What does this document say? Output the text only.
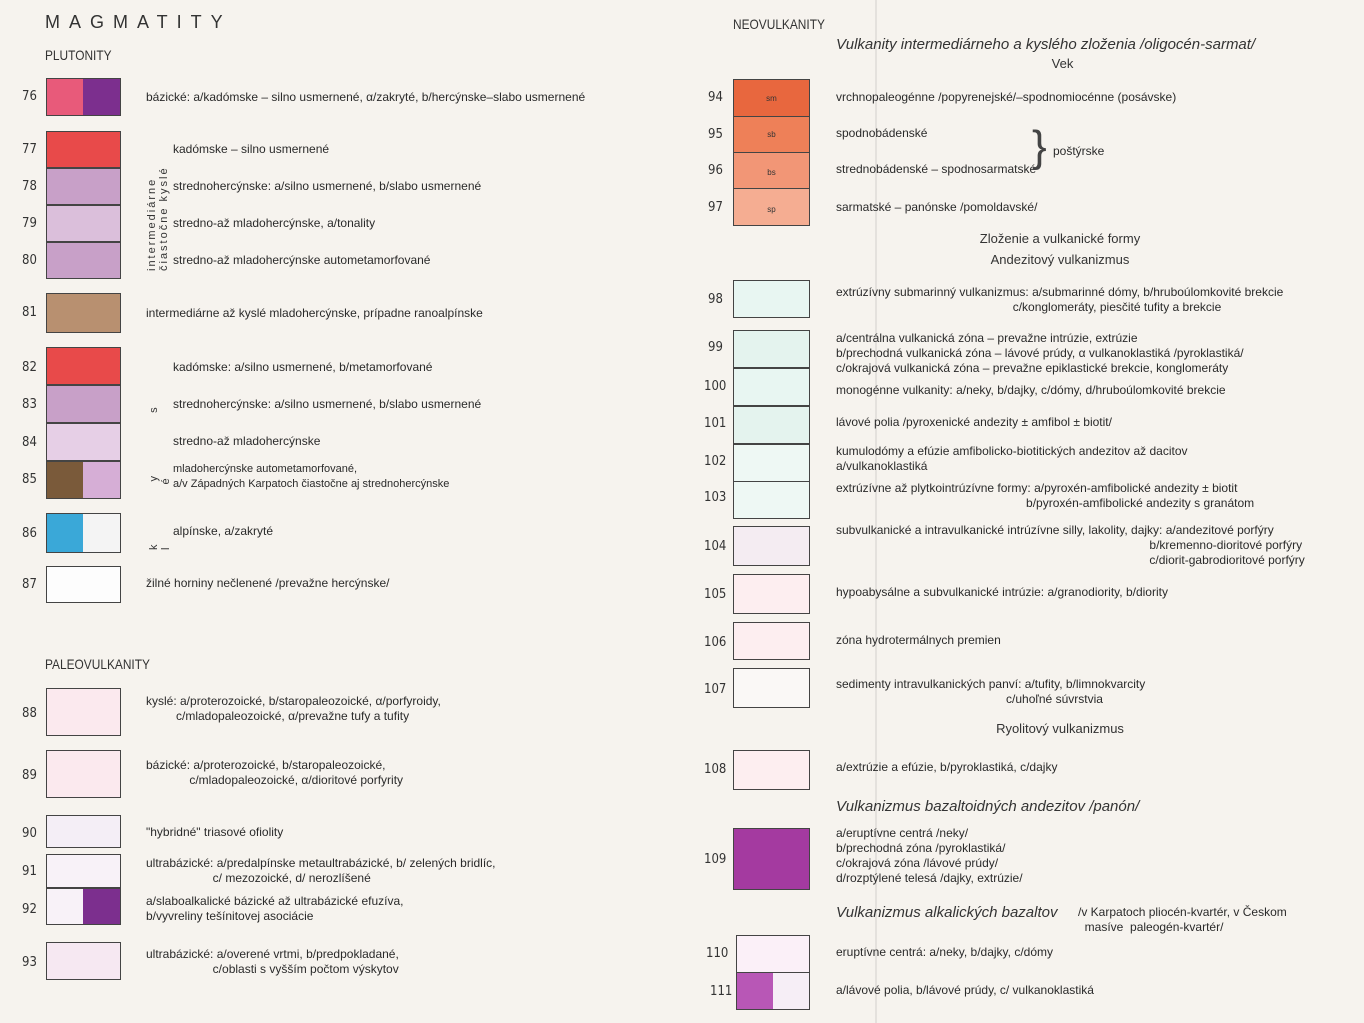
MAGMATITY
PLUTONITY
76
77
78
79
80
81
82
83
84
85
86
87
88
89
90
91
92
93
intermediárne čiastočne kyslé
k y s l é
bázické: a/kadómske – silno usmernené, α/zakryté, b/hercýnske–slabo usmernené
kadómske – silno usmernené
strednohercýnske: a/silno usmernené, b/slabo usmernené
stredno-až mladohercýnske, a/tonality
stredno-až mladohercýnske autometamorfované
intermediárne až kyslé mladohercýnske, prípadne ranoalpínske
kadómske: a/silno usmernené, b/metamorfované
strednohercýnske: a/silno usmernené, b/slabo usmernené
stredno-až mladohercýnske
mladohercýnske autometamorfované,
a/v Západných Karpatoch čiastočne aj strednohercýnske
alpínske, a/zakryté
žilné horniny nečlenené /prevažne hercýnske/
PALEOVULKANITY
kyslé: a/proterozoické, b/staropaleozoické, α/porfyroidy,
c/mladopaleozoické, α/prevažne tufy a tufity
bázické: a/proterozoické, b/staropaleozoické,
c/mladopaleozoické, α/dioritové porfyrity
"hybridné" triasové ofiolity
ultrabázické: a/predalpínske metaultrabázické, b/ zelených bridlíc,
c/ mezozoické, d/ nerozlíšené
a/slaboalkalické bázické až ultrabázické efuzíva,
b/vyvreliny tešínitovej asociácie
ultrabázické: a/overené vrtmi, b/predpokladané,
c/oblasti s vyšším počtom výskytov
NEOVULKANITY
Vulkanity intermediárneho a kyslého zloženia /oligocén-sarmat/
Vek
94
95
96
97
98
99
100
101
102
103
104
105
106
107
108
109
110
111
sm
sb
bs
sp
vrchnopaleogénne /popyrenejské/–spodnomiocénne (posávske)
spodnobádenské
strednobádenské – spodnosarmatské
sarmatské – panónske /pomoldavské/
} poštýrske
Zloženie a vulkanické formy
Andezitový vulkanizmus
extrúzívny submarinný vulkanizmus: a/submarinné dómy, b/hruboúlomkovité brekcie
c/konglomeráty, piesčité tufity a brekcie
a/centrálna vulkanická zóna – prevažne intrúzie, extrúzie
b/prechodná vulkanická zóna – lávové prúdy, α vulkanoklastiká /pyroklastiká/
c/okrajová vulkanická zóna – prevažne epiklastické brekcie, konglomeráty
monogénne vulkanity: a/neky, b/dajky, c/dómy, d/hruboúlomkovité brekcie
lávové polia /pyroxenické andezity ± amfibol ± biotit/
kumulodómy a efúzie amfibolicko-biotitických andezitov až dacitov
a/vulkanoklastiká
extrúzívne až plytkointrúzívne formy: a/pyroxén-amfibolické andezity ± biotit
b/pyroxén-amfibolické andezity s granátom
subvulkanické a intravulkanické intrúzívne silly, lakolity, dajky: a/andezitové porfýry
b/kremenno-dioritové porfýry
c/diorit-gabrodioritové porfýry
hypoabysálne a subvulkanické intrúzie: a/granodiority, b/diority
zóna hydrotermálnych premien
sedimenty intravulkanických panví: a/tufity, b/limnokvarcity
c/uhoľné súvrstvia
Ryolitový vulkanizmus
a/extrúzie a efúzie, b/pyroklastiká, c/dajky
Vulkanizmus bazaltoidných andezitov /panón/
a/eruptívne centrá /neky/
b/prechodná zóna /pyroklastiká/
c/okrajová zóna /lávové prúdy/
d/rozptýlené telesá /dajky, extrúzie/
Vulkanizmus alkalických bazaltov /v Karpatoch pliocén-kvartér, v Českom
masíve  paleogén-kvartér/
eruptívne centrá: a/neky, b/dajky, c/dómy
a/lávové polia, b/lávové prúdy, c/ vulkanoklastiká
